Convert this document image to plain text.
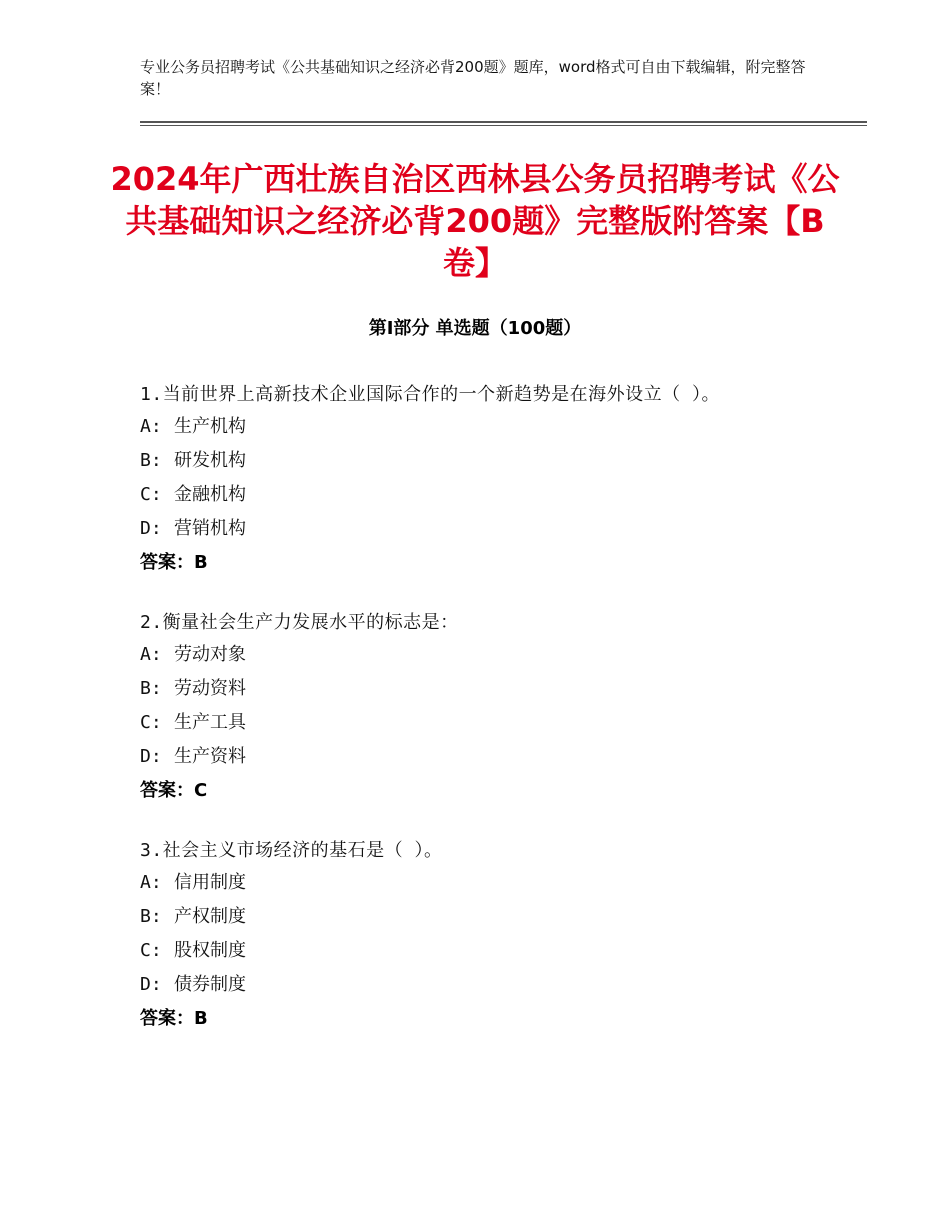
专业公务员招聘考试《公共基础知识之经济必背200题》题库，word格式可自由下载编辑，附完整答案！
2024年广西壮族自治区西林县公务员招聘考试《公共基础知识之经济必背200题》完整版附答案【B卷】
第Ⅰ部分 单选题（100题）
1.当前世界上高新技术企业国际合作的一个新趋势是在海外设立（ ）。
A: 生产机构
B: 研发机构
C: 金融机构
D: 营销机构
答案：B
2.衡量社会生产力发展水平的标志是：
A: 劳动对象
B: 劳动资料
C: 生产工具
D: 生产资料
答案：C
3.社会主义市场经济的基石是（ ）。
A: 信用制度
B: 产权制度
C: 股权制度
D: 债券制度
答案：B
